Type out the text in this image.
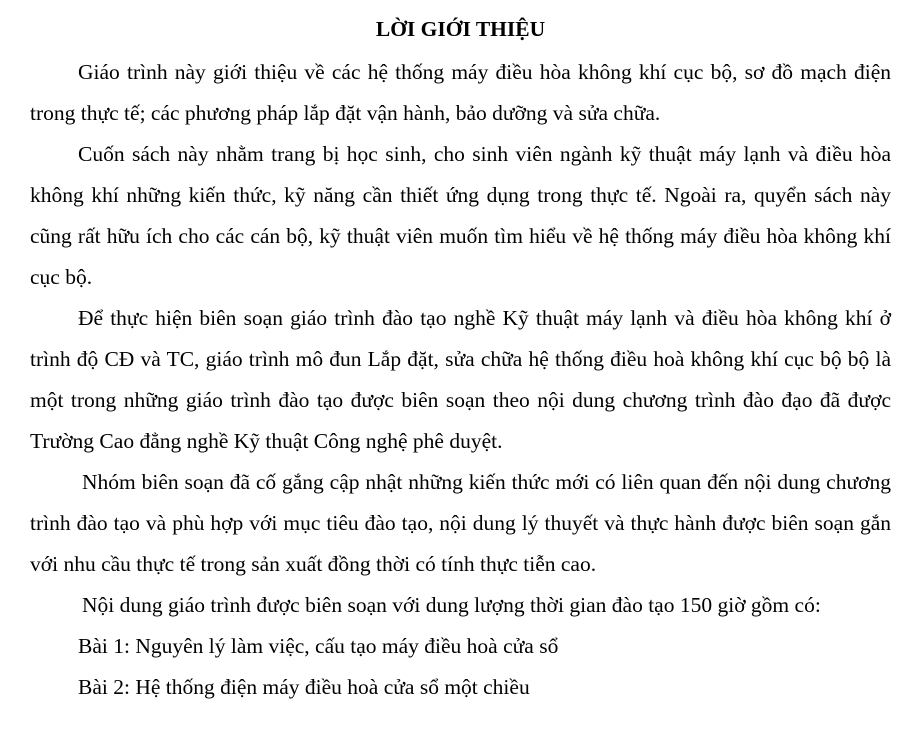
LỜI GIỚI THIỆU

Giáo trình này giới thiệu về các hệ thống máy điều hòa không khí cục bộ, sơ đồ mạch điện trong thực tế; các phương pháp lắp đặt vận hành, bảo dưỡng và sửa chữa.

Cuốn sách này nhằm trang bị học sinh, cho sinh viên ngành kỹ thuật máy lạnh và điều hòa không khí những kiến thức, kỹ năng cần thiết ứng dụng trong thực tế. Ngoài ra, quyển sách này cũng rất hữu ích cho các cán bộ, kỹ thuật viên muốn tìm hiểu về hệ thống máy điều hòa không khí cục bộ.

Để thực hiện biên soạn giáo trình đào tạo nghề Kỹ thuật máy lạnh và điều hòa không khí ở trình độ CĐ và TC, giáo trình mô đun Lắp đặt, sửa chữa hệ thống điều hoà không khí cục bộ bộ là một trong những giáo trình đào tạo được biên soạn theo nội dung chương trình đào đạo đã được Trường Cao đẳng nghề Kỹ thuật Công nghệ phê duyệt.

Nhóm biên soạn đã cố gắng cập nhật những kiến thức mới có liên quan đến nội dung chương trình đào tạo và phù hợp với mục tiêu đào tạo, nội dung lý thuyết và thực hành được biên soạn gắn với nhu cầu thực tế trong sản xuất đồng thời có tính thực tiễn cao.

Nội dung giáo trình được biên soạn với dung lượng thời gian đào tạo 150 giờ gồm có:

Bài 1: Nguyên lý làm việc, cấu tạo máy điều hoà cửa sổ

Bài 2: Hệ thống điện máy điều hoà cửa sổ một chiều
